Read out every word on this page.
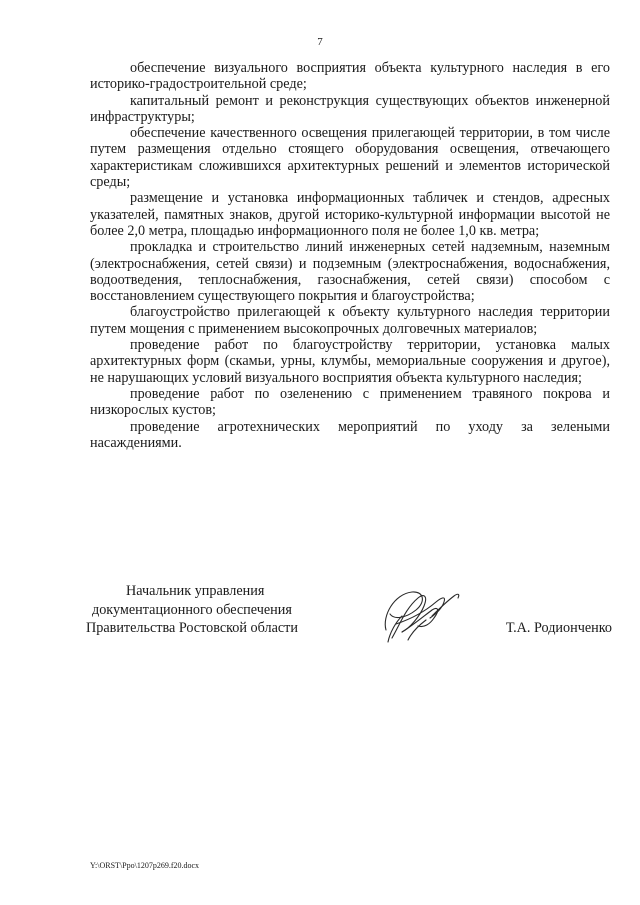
7

обеспечение визуального восприятия объекта культурного наследия в его историко-градостроительной среде;

капитальный ремонт и реконструкция существующих объектов инженерной инфраструктуры;

обеспечение качественного освещения прилегающей территории, в том числе путем размещения отдельно стоящего оборудования освещения, отвечающего характеристикам сложившихся архитектурных решений и элементов исторической среды;

размещение и установка информационных табличек и стендов, адресных указателей, памятных знаков, другой историко-культурной информации высотой не более 2,0 метра, площадью информационного поля не более 1,0 кв. метра;

прокладка и строительство линий инженерных сетей надземным, наземным (электроснабжения, сетей связи) и подземным (электроснабжения, водоснабжения, водоотведения, теплоснабжения, газоснабжения, сетей связи) способом с восстановлением существующего покрытия и благоустройства;

благоустройство прилегающей к объекту культурного наследия территории путем мощения с применением высокопрочных долговечных материалов;

проведение работ по благоустройству территории, установка малых архитектурных форм (скамьи, урны, клумбы, мемориальные сооружения и другое), не нарушающих условий визуального восприятия объекта культурного наследия;

проведение работ по озеленению с применением травяного покрова и низкорослых кустов;

проведение агротехнических мероприятий по уходу за зелеными насаждениями.

Начальник управления
документационного обеспечения
Правительства Ростовской области	Т.А. Родионченко
Y:\ORST\Ppo\1207p269.f20.docx
